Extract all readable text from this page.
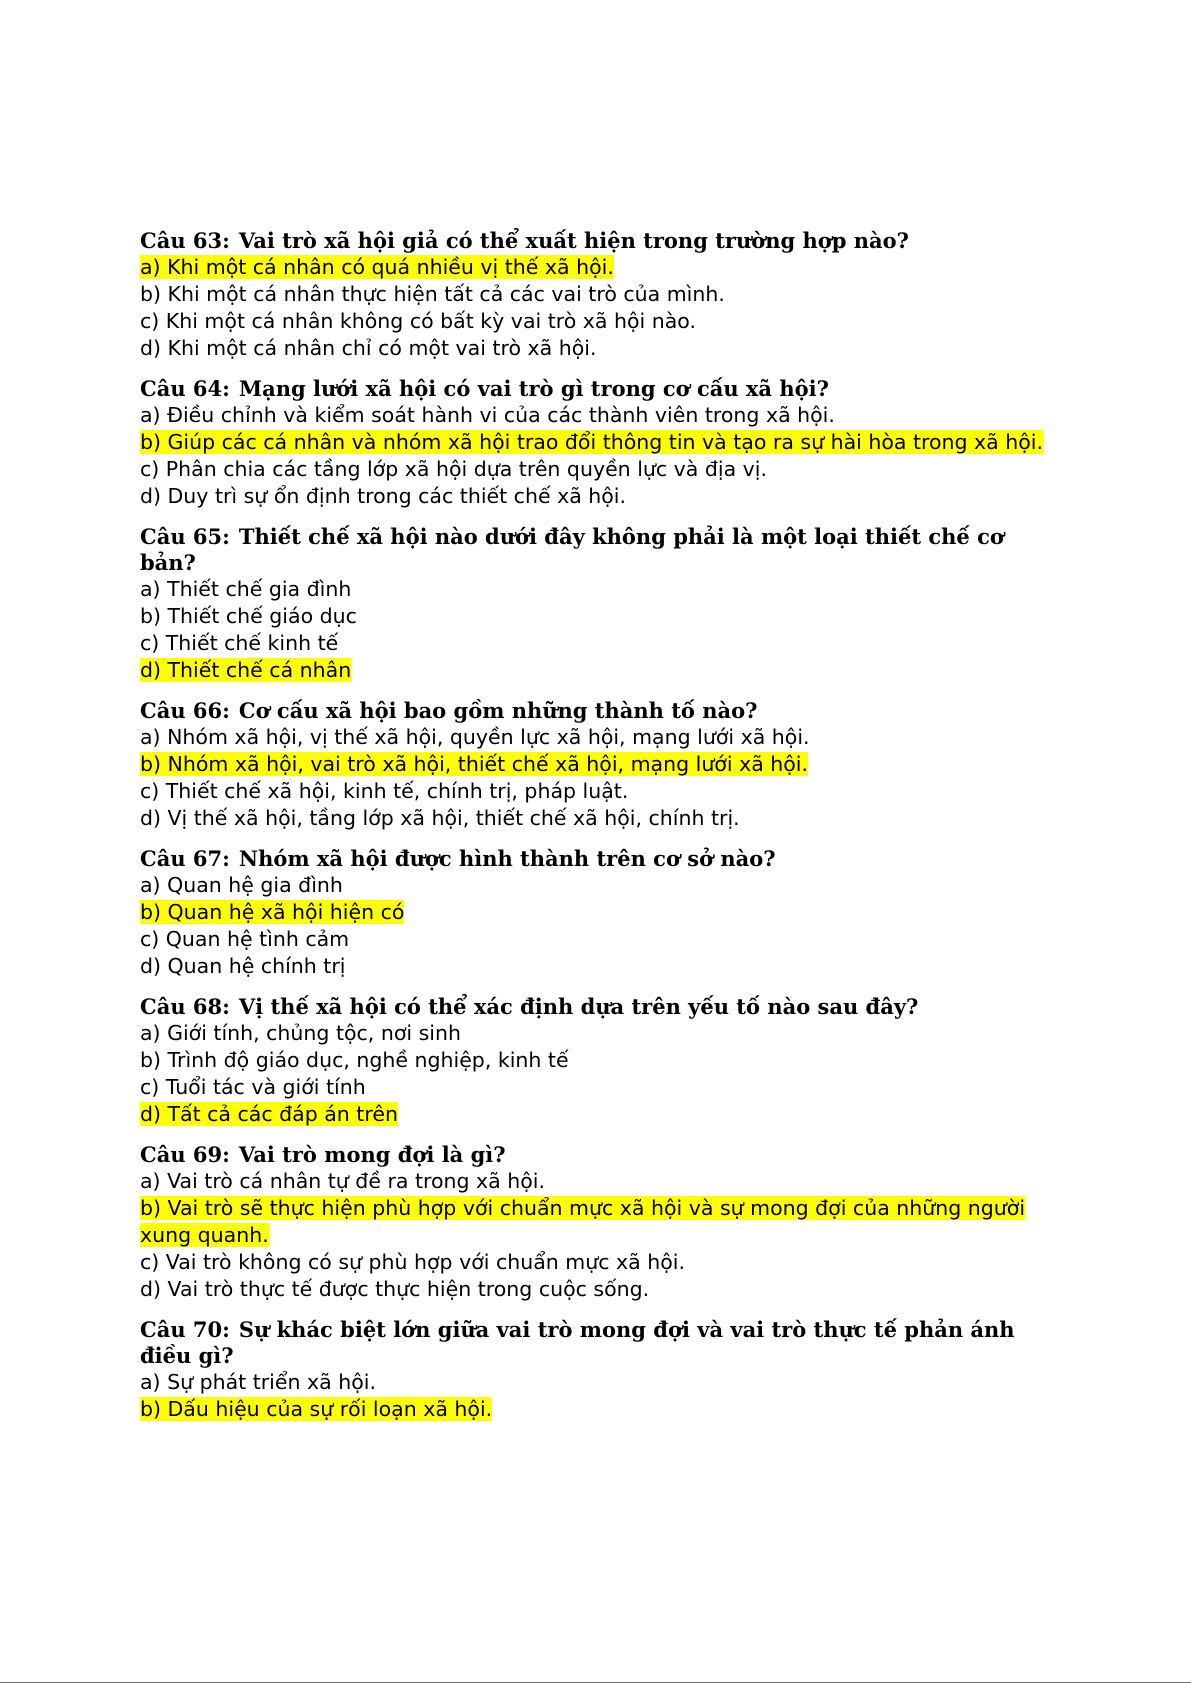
Câu 63: Vai trò xã hội giả có thể xuất hiện trong trường hợp nào?

a) Khi một cá nhân có quá nhiều vị thế xã hội.

b) Khi một cá nhân thực hiện tất cả các vai trò của mình.

c) Khi một cá nhân không có bất kỳ vai trò xã hội nào.

d) Khi một cá nhân chỉ có một vai trò xã hội.

Câu 64: Mạng lưới xã hội có vai trò gì trong cơ cấu xã hội?

a) Điều chỉnh và kiểm soát hành vi của các thành viên trong xã hội.

b) Giúp các cá nhân và nhóm xã hội trao đổi thông tin và tạo ra sự hài hòa trong xã hội.

c) Phân chia các tầng lớp xã hội dựa trên quyền lực và địa vị.

d) Duy trì sự ổn định trong các thiết chế xã hội.

Câu 65: Thiết chế xã hội nào dưới đây không phải là một loại thiết chế cơ bản?

a) Thiết chế gia đình

b) Thiết chế giáo dục

c) Thiết chế kinh tế

d) Thiết chế cá nhân

Câu 66: Cơ cấu xã hội bao gồm những thành tố nào?

a) Nhóm xã hội, vị thế xã hội, quyền lực xã hội, mạng lưới xã hội.

b) Nhóm xã hội, vai trò xã hội, thiết chế xã hội, mạng lưới xã hội.

c) Thiết chế xã hội, kinh tế, chính trị, pháp luật.

d) Vị thế xã hội, tầng lớp xã hội, thiết chế xã hội, chính trị.

Câu 67: Nhóm xã hội được hình thành trên cơ sở nào?

a) Quan hệ gia đình

b) Quan hệ xã hội hiện có

c) Quan hệ tình cảm

d) Quan hệ chính trị

Câu 68: Vị thế xã hội có thể xác định dựa trên yếu tố nào sau đây?

a) Giới tính, chủng tộc, nơi sinh

b) Trình độ giáo dục, nghề nghiệp, kinh tế

c) Tuổi tác và giới tính

d) Tất cả các đáp án trên

Câu 69: Vai trò mong đợi là gì?

a) Vai trò cá nhân tự đề ra trong xã hội.

b) Vai trò sẽ thực hiện phù hợp với chuẩn mực xã hội và sự mong đợi của những người xung quanh.

c) Vai trò không có sự phù hợp với chuẩn mực xã hội.

d) Vai trò thực tế được thực hiện trong cuộc sống.

Câu 70: Sự khác biệt lớn giữa vai trò mong đợi và vai trò thực tế phản ánh điều gì?

a) Sự phát triển xã hội.

b) Dấu hiệu của sự rối loạn xã hội.
